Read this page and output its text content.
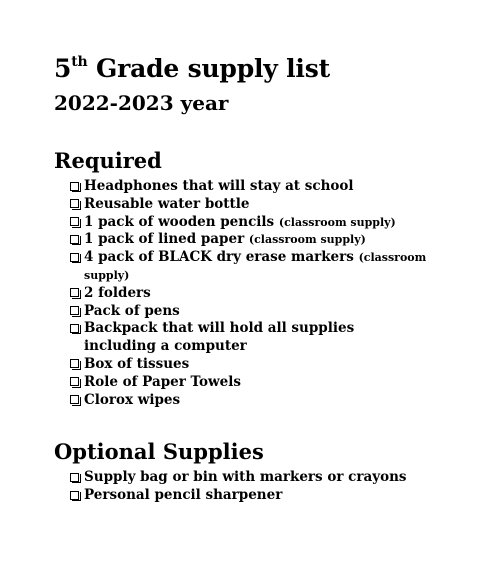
5th Grade supply list
2022-2023 year
Required
Headphones that will stay at school
Reusable water bottle
1 pack of wooden pencils (classroom supply)
1 pack of lined paper (classroom supply)
4 pack of BLACK dry erase markers (classroom supply)
2 folders
Pack of pens
Backpack that will hold all supplies including a computer
Box of tissues
Role of Paper Towels
Clorox wipes
Optional Supplies
Supply bag or bin with markers or crayons
Personal pencil sharpener
